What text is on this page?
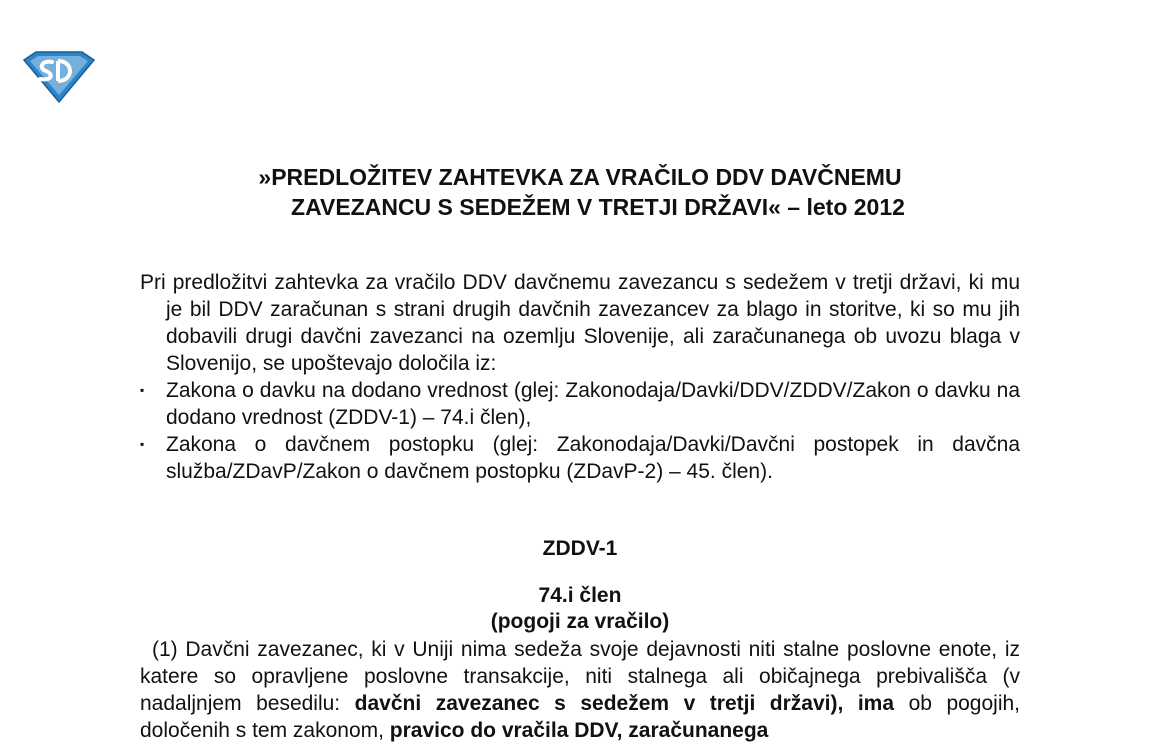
»PREDLOŽITEV ZAHTEVKA ZA VRAČILO DDV DAVČNEMU
ZAVEZANCU S SEDEŽEM V TRETJI DRŽAVI« – leto 2012

Pri predložitvi zahtevka za vračilo DDV davčnemu zavezancu s sedežem v tretji državi, ki mu je bil DDV zaračunan s strani drugih davčnih zavezancev za blago in storitve, ki so mu jih dobavili drugi davčni zavezanci na ozemlju Slovenije, ali zaračunanega ob uvozu blaga v Slovenijo, se upoštevajo določila iz:

▪ Zakona o davku na dodano vrednost (glej: Zakonodaja/Davki/DDV/ZDDV/Zakon o davku na dodano vrednost (ZDDV-1) – 74.i člen),
▪ Zakona o davčnem postopku (glej: Zakonodaja/Davki/Davčni postopek in davčna služba/ZDavP/Zakon o davčnem postopku (ZDavP-2) – 45. člen).
ZDDV-1
74.i člen
(pogoji za vračilo)

(1) Davčni zavezanec, ki v Uniji nima sedeža svoje dejavnosti niti stalne poslovne enote, iz katere so opravljene poslovne transakcije, niti stalnega ali običajnega prebivališča (v nadaljnjem besedilu: davčni zavezanec s sedežem v tretji državi), ima ob pogojih, določenih s tem zakonom, pravico do vračila DDV, zaračunanega
